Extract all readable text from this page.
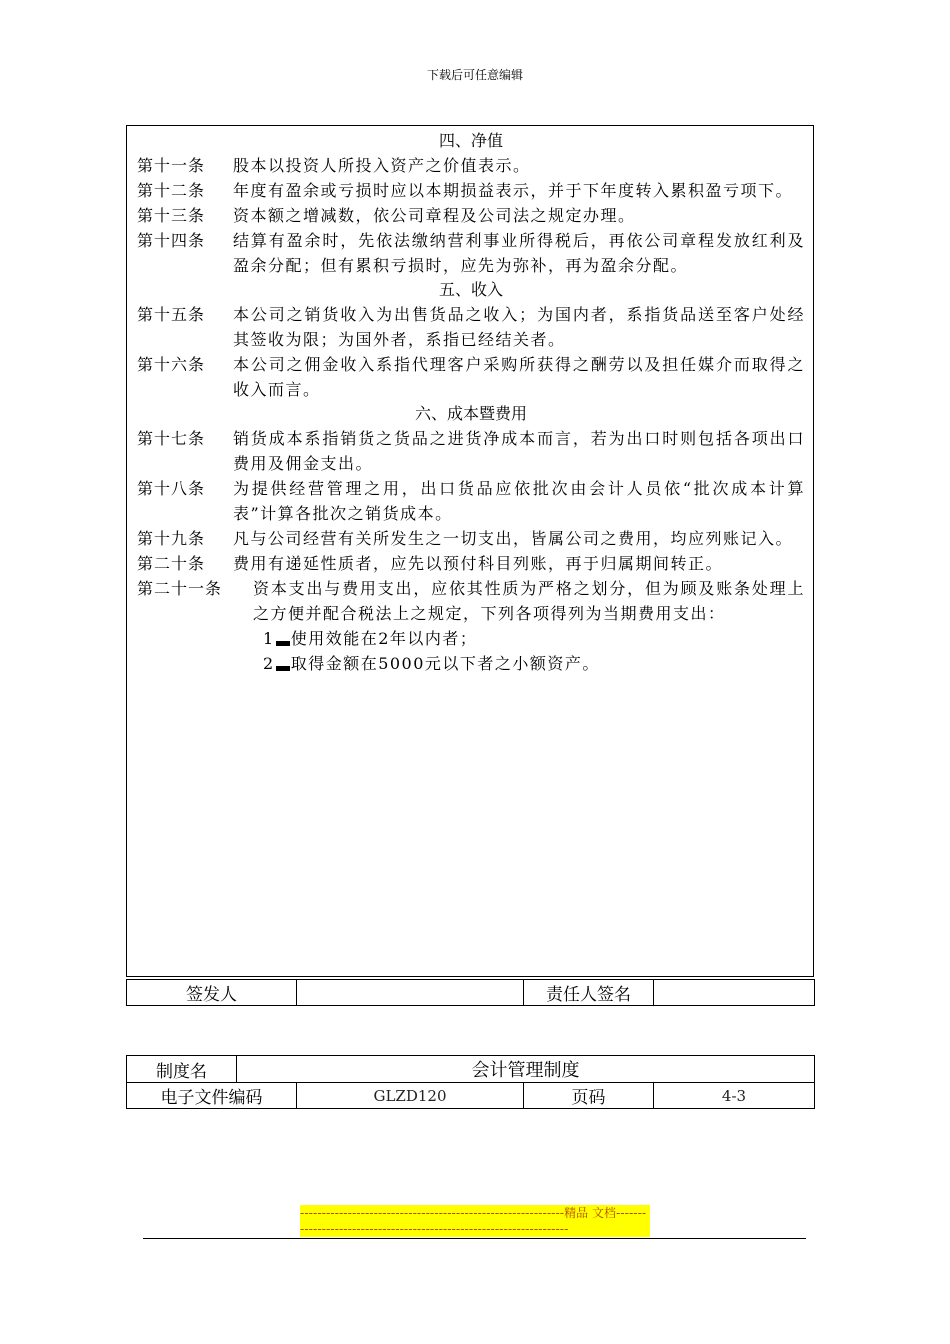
下载后可任意编辑
四、净值
第十一条	股本以投资人所投入资产之价值表示。
第十二条	年度有盈余或亏损时应以本期损益表示，并于下年度转入累积盈亏项下。
第十三条	资本额之增减数，依公司章程及公司法之规定办理。
第十四条	结算有盈余时，先依法缴纳营利事业所得税后，再依公司章程发放红利及盈余分配；但有累积亏损时，应先为弥补，再为盈余分配。
五、收入
第十五条	本公司之销货收入为出售货品之收入；为国内者，系指货品送至客户处经其签收为限；为国外者，系指已经结关者。
第十六条	本公司之佣金收入系指代理客户采购所获得之酬劳以及担任媒介而取得之收入而言。
六、成本暨费用
第十七条	销货成本系指销货之货品之进货净成本而言，若为出口时则包括各项出口费用及佣金支出。
第十八条	为提供经营管理之用，出口货品应依批次由会计人员依“批次成本计算表”计算各批次之销货成本。
第十九条	凡与公司经营有关所发生之一切支出，皆属公司之费用，均应列账记入。
第二十条	费用有递延性质者，应先以预付科目列账，再于归属期间转正。
第二十一条	资本支出与费用支出，应依其性质为严格之划分，但为顾及账条处理上之方便并配合税法上之规定，下列各项得列为当期费用支出：
1 使用效能在2年以内者；
2 取得金额在5000元以下者之小额资产。
签发人		责任人签名	
制度名	会计管理制度			
电子文件编码		GLZD120	页码	4-3
-------------------------------------------------------------精品 文档---------------------------------------------------------------------
